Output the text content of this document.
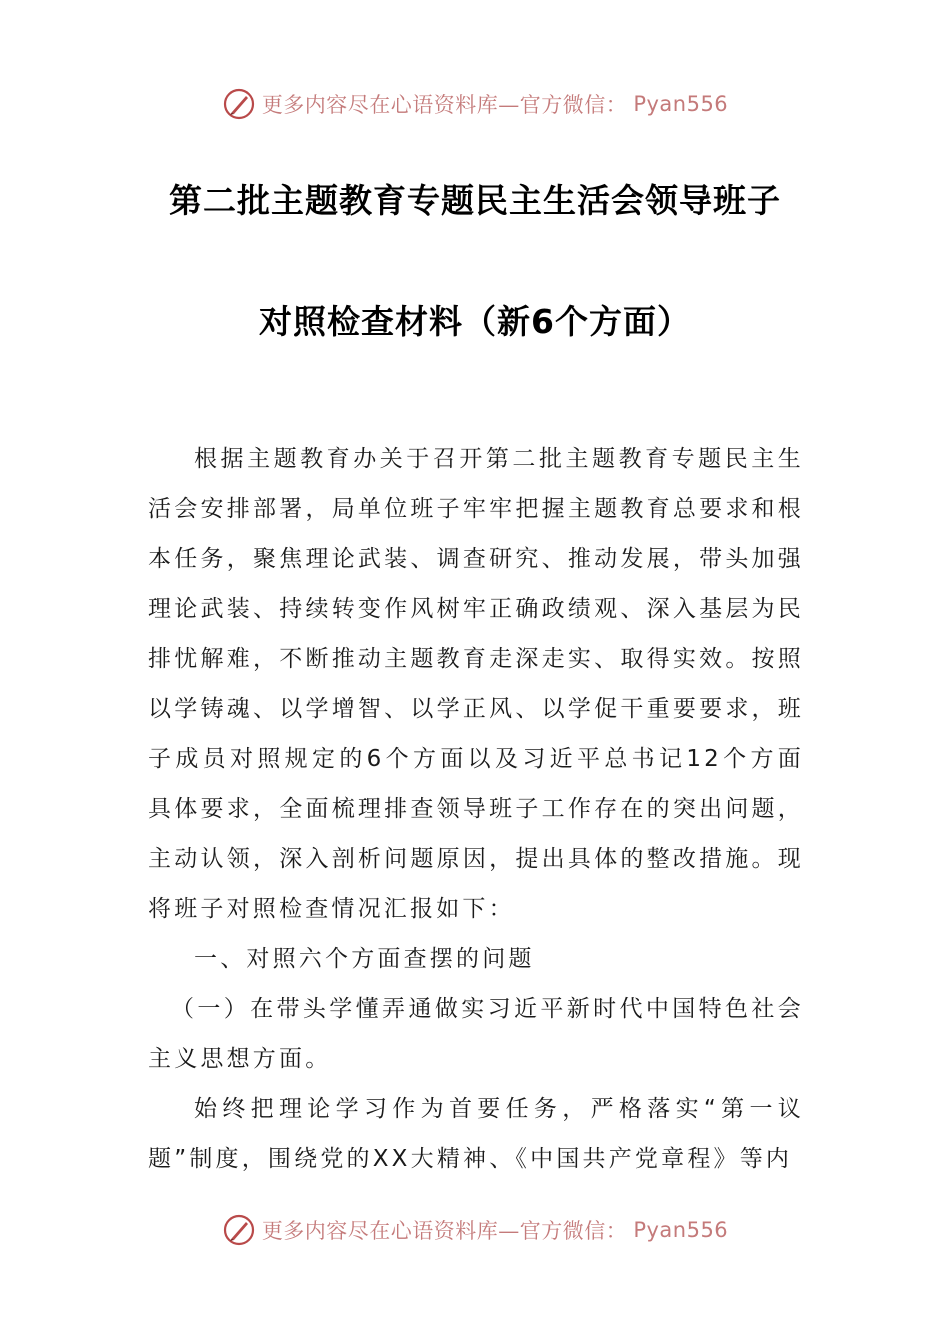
更多内容尽在心语资料库—官方微信： Pyan556
第二批主题教育专题民主生活会领导班子
对照检查材料（新6个方面）

根据主题教育办关于召开第二批主题教育专题民主生活会安排部署，局单位班子牢牢把握主题教育总要求和根本任务，聚焦理论武装、调查研究、推动发展，带头加强理论武装、持续转变作风树牢正确政绩观、深入基层为民排忧解难，不断推动主题教育走深走实、取得实效。按照以学铸魂、以学增智、以学正风、以学促干重要要求，班子成员对照规定的6个方面以及习近平总书记12个方面具体要求，全面梳理排查领导班子工作存在的突出问题，主动认领，深入剖析问题原因，提出具体的整改措施。现将班子对照检查情况汇报如下：

一、对照六个方面查摆的问题

（一）在带头学懂弄通做实习近平新时代中国特色社会主义思想方面。

始终把理论学习作为首要任务，严格落实“第一议题”制度，围绕党的XX大精神、《中国共产党章程》等内

更多内容尽在心语资料库—官方微信： Pyan556
